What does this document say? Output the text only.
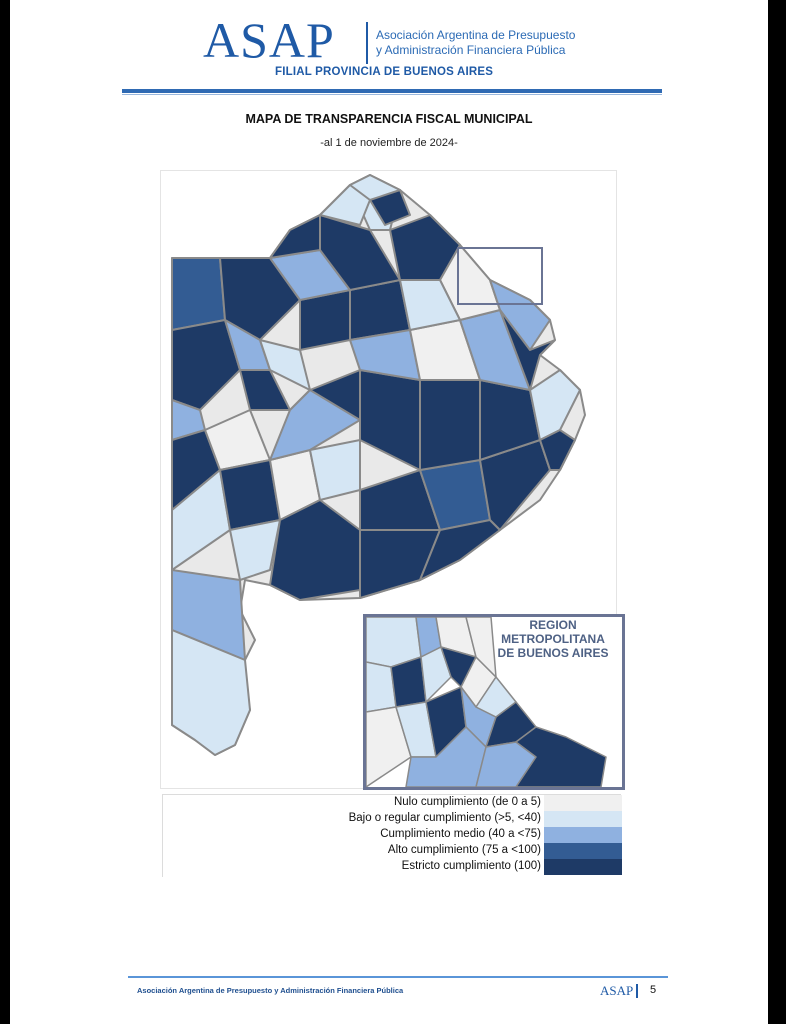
ASAP	Asociación Argentina de Presupuesto
y Administración Financiera Pública
FILIAL PROVINCIA DE BUENOS AIRES
MAPA DE TRANSPARENCIA FISCAL MUNICIPAL
-al 1 de noviembre de 2024-
REGION
METROPOLITANA
DE BUENOS AIRES
Nulo cumplimiento (de 0 a 5)
Bajo o regular cumplimiento (>5, <40)
Cumplimiento medio (40 a <75)
Alto cumplimiento (75 a <100)
Estricto cumplimiento (100)
Asociación Argentina de Presupuesto y Administración Financiera Pública	ASAP 5
